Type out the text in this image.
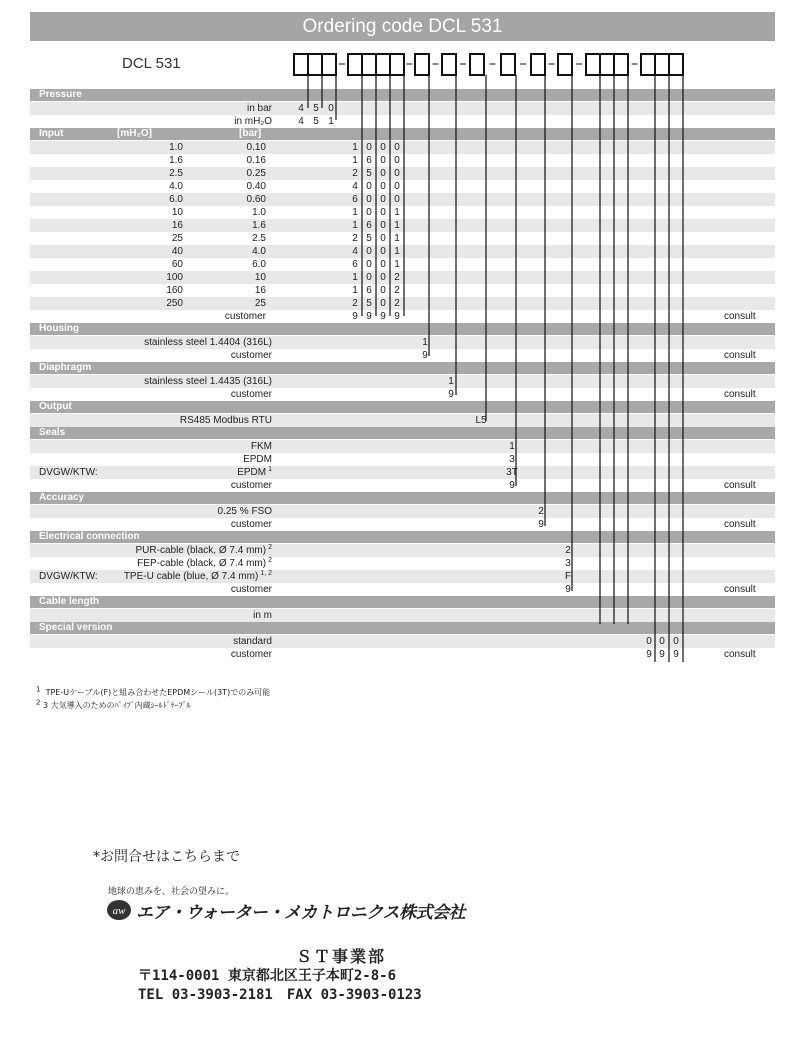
Ordering code DCL 531
DCL 531
Pressure
in bar	4 5 0
in mH₂O	4 5 1
Input	[mH₂O]	[bar]
1.0	0.10	1 0 0 0
1.6	0.16	1 6 0 0
2.5	0.25	2 5 0 0
4.0	0.40	4 0 0 0
6.0	0.60	6 0 0 0
10	1.0	1 0 0 1
16	1.6	1 6 0 1
25	2.5	2 5 0 1
40	4.0	4 0 0 1
60	6.0	6 0 0 1
100	10	1 0 0 2
160	16	1 6 0 2
250	25	2 5 0 2
customer	9 9 9 9	consult
Housing
stainless steel 1.4404 (316L)	1
customer	9	consult
Diaphragm
stainless steel 1.4435 (316L)	1
customer	9	consult
Output
RS485 Modbus RTU	L5
Seals
FKM	1
EPDM	3
DVGW/KTW:	EPDM $^1$	3T
customer	9	consult
Accuracy
0.25 % FSO	2
customer	9	consult
Electrical connection
PUR-cable (black, Ø 7.4 mm) $^2$	2
FEP-cable (black, Ø 7.4 mm) $^2$	3
DVGW/KTW:	TPE-U cable (blue, Ø 7.4 mm) $^{1, 2}$	F
customer	9	consult
Cable length
in m
Special version
standard	0 0 0
customer	9 9 9	consult
$^1$ TPE-Uケーブル(F)と組み合わせたEPDMシール(3T)でのみ可能
$^2$ 3 大気導入のためのﾊﾟｲﾌﾟ内蔵ｼｰﾙﾄﾞｹｰﾌﾞﾙ
*お問合せはこちらまで
地球の恵みを、社会の望みに。
aw エア・ウォーター・メカトロニクス株式会社
ＳＴ事業部
〒114-0001 東京都北区王子本町2-8-6
TEL 03-3903-2181　FAX 03-3903-0123
